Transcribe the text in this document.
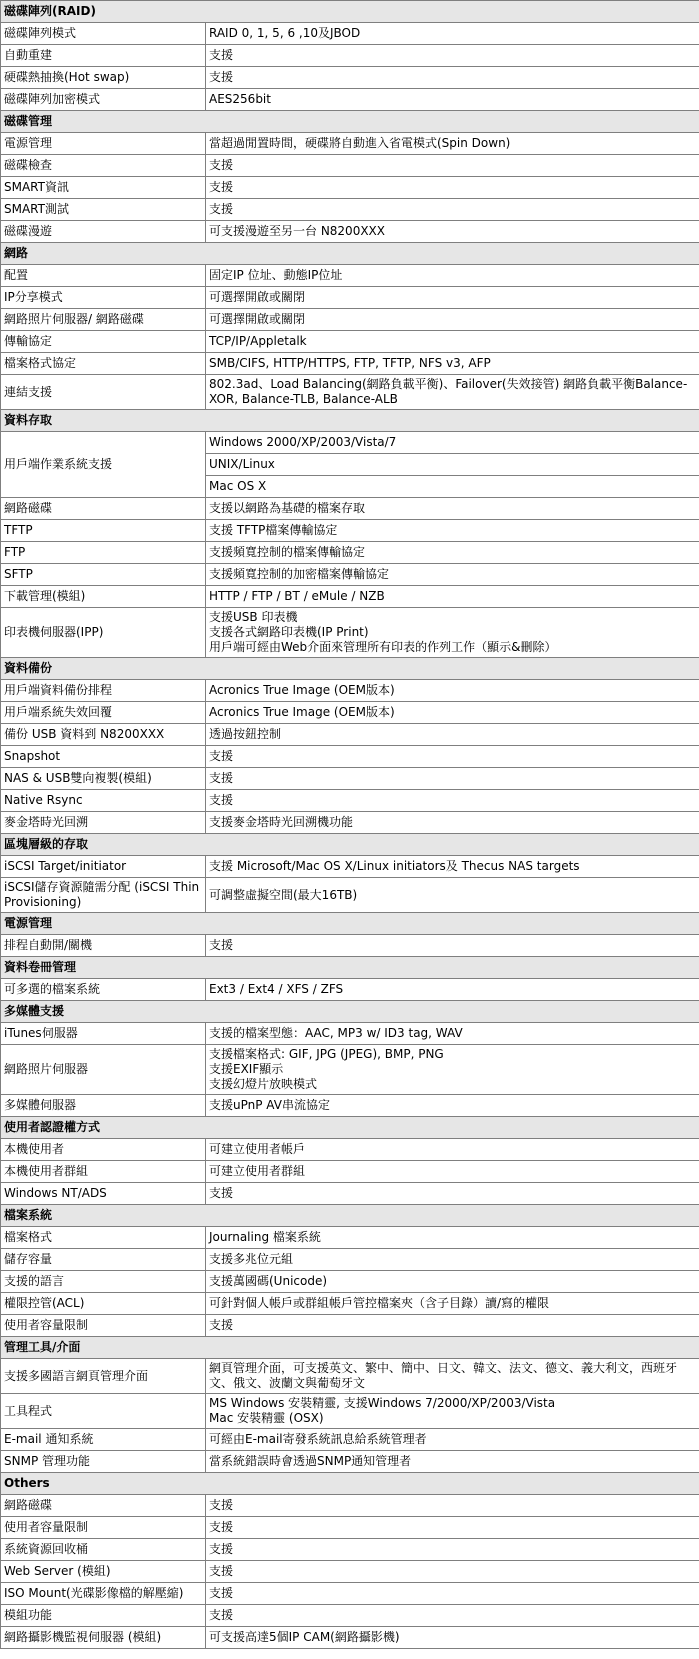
磁碟陣列(RAID)	
磁碟陣列模式	RAID 0, 1, 5, 6 ,10及JBOD

自動重建	支援

硬碟熱抽換(Hot swap)	支援

磁碟陣列加密模式	AES256bit

磁碟管理	
電源管理	當超過閒置時間，硬碟將自動進入省電模式(Spin Down)

磁碟檢查	支援

SMART資訊	支援

SMART測試	支援

磁碟漫遊	可支援漫遊至另一台 N8200XXX

網路	
配置	固定IP 位址、動態IP位址

IP分享模式	可選擇開啟或關閉

網路照片伺服器/ 網路磁碟	可選擇開啟或關閉

傳輸協定	TCP/IP/Appletalk

檔案格式協定	SMB/CIFS, HTTP/HTTPS, FTP, TFTP, NFS v3, AFP

連結支援	802.3ad、Load Balancing(網路負載平衡)、Failover(失效接管) 網路負載平衡Balance-XOR, Balance-TLB, Balance-ALB

資料存取	
用戶端作業系統支援	Windows 2000/XP/2003/Vista/7
	UNIX/Linux
	Mac OS X
網路磁碟	支援以網路為基礎的檔案存取

TFTP	支援 TFTP檔案傳輸協定

FTP	支援頻寬控制的檔案傳輸協定

SFTP	支援頻寬控制的加密檔案傳輸協定

下載管理(模組)	HTTP / FTP / BT / eMule / NZB

印表機伺服器(IPP)	支援USB 印表機
支援各式網路印表機(IP Print)
用戶端可經由Web介面來管理所有印表的作列工作（顯示&刪除）

資料備份	
用戶端資料備份排程	Acronics True Image (OEM版本)

用戶端系統失效回覆	Acronics True Image (OEM版本)

備份 USB 資料到 N8200XXX	透過按鈕控制

Snapshot	支援

NAS & USB雙向複製(模組)	支援

Native Rsync	支援

麥金塔時光回溯	支援麥金塔時光回溯機功能

區塊層級的存取	
iSCSI Target/initiator	支援 Microsoft/Mac OS X/Linux initiators及 Thecus NAS targets

iSCSI儲存資源隨需分配 (iSCSI Thin Provisioning)	可調整虛擬空間(最大16TB)

電源管理	
排程自動開/關機	支援

資料卷冊管理	
可多選的檔案系統	Ext3 / Ext4 / XFS / ZFS

多媒體支援	
iTunes伺服器	支援的檔案型態：AAC, MP3 w/ ID3 tag, WAV

網路照片伺服器	支援檔案格式: GIF, JPG (JPEG), BMP, PNG
支援EXIF顯示
支援幻燈片放映模式

多媒體伺服器	支援uPnP AV串流協定

使用者認證權方式	
本機使用者	可建立使用者帳戶

本機使用者群組	可建立使用者群組

Windows NT/ADS	支援

檔案系統	
檔案格式	Journaling 檔案系統

儲存容量	支援多兆位元組

支援的語言	支援萬國碼(Unicode)

權限控管(ACL)	可針對個人帳戶或群組帳戶管控檔案夾（含子目錄）讀/寫的權限

使用者容量限制	支援

管理工具/介面	
支援多國語言網頁管理介面	網頁管理介面，可支援英文、繁中、簡中、日文、韓文、法文、德文、義大利文，西班牙文、俄文、波蘭文與葡萄牙文

工具程式	MS Windows 安裝精靈, 支援Windows 7/2000/XP/2003/Vista
Mac 安裝精靈 (OSX)

E-mail 通知系統	可經由E-mail寄發系統訊息給系統管理者

SNMP 管理功能	當系統錯誤時會透過SNMP通知管理者

Others	
網路磁碟	支援

使用者容量限制	支援

系統資源回收桶	支援

Web Server (模組)	支援

ISO Mount(光碟影像檔的解壓縮)	支援

模組功能	支援

網路攝影機監視伺服器 (模組)	可支援高達5個IP CAM(網路攝影機)
